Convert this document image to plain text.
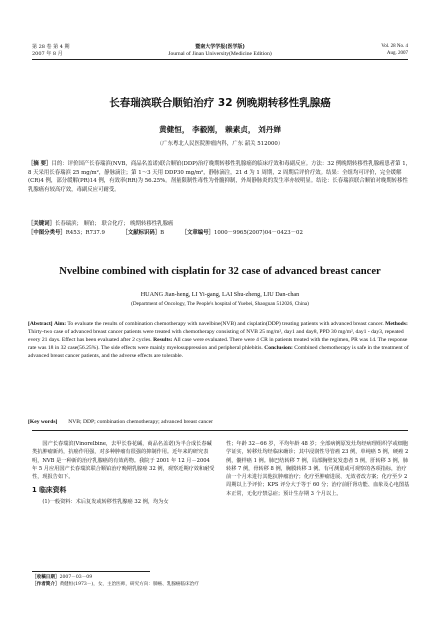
第 28 卷 第 4 期
2007 年 8 月
暨南大学学报(医学版)
Journal of Jinan University(Medicine Edition)
Vol. 28 No. 4
Aug. 2007
长春瑞滨联合顺铂治疗 32 例晚期转移性乳腺癌
黄健恒， 李毅刚， 赖素贞， 刘丹婵
（广东粤北人民医院肿瘤内科，广东 韶关 512000）
［摘 要］目的：评价国产长春瑞滨(NVB，商品名盖诺)联合顺铂(DDP)治疗晚期转移性乳腺癌的临床疗效和毒副反应。方法：32 例晚期转移性乳腺癌患者第 1，8 天采用长春瑞滨 25 mg/m²，静脉滴注；第 1～3 天用 DDP30 mg/m²，静脉滴注，21 d 为 1 周期，2 周期后评价疗效。结果：全组均可评价，完全缓解(CR)4 例，部分缓解(PR)14 例，有效率(RR)为 56.25%。剂量限制性毒性为骨髓抑制，外周静脉炎的发生率亦较明显。结论：长春瑞滨联合顺铂对晚期转移性乳腺癌有较高疗效，毒副反应可耐受。
［关键词］长春瑞滨； 顺铂； 联合化疗； 晚期转移性乳腺癌
［中图分类号］R453；R737.9	［文献标识码］B	［文章编号］1000－9965(2007)04－0423－02
Nvelbine combined with cisplatin for 32 case of advanced breast cancer
HUANG Jian-heng, LI Yi-gang, LAI Shu-zheng, LIU Dan-chan
(Department of Oncology, The People's hospital of Yuebei, Shaoguan 512026, China)
[Abstract] Aim: To evaluate the results of combination chemotherapy with navelbine(NVB) and cisplatin(DDP) treating patients with advanced breast cancer. Methods: Thirty-two case of advanced breast cancer patients were treated with chemotherapy consisting of NVB 25 mg/m², day1 and day8, PPD 30 mg/m², day1 - day3, repeated every 21 days. Effect has been evaluated after 2 cycles. Results: All case were evaluated. There were 4 CR in patients treated with the regimen, PR was 14. The response rate was 18 in 32 case(56.25%). The side effects were mainly myelosuppression and peripheral phlebitis. Conclusion: Combined chemotherapy is safe in the treatment of advanced breast cancer patients, and the adverse effects are tolerable.
[Key words] NVB; DDP; combination chemotherapy; advanced breast cancer
国产长春瑞滨(Vinorelbine，去甲长春花碱，商品名盖诺)为半合成长春碱类抗肿瘤新药，抗癌作用强，对多种肿瘤有很强的抑制作用。近年来的研究表明，NVB 是一种新的治疗乳腺癌的有效药物。我院于 2001 年 12 月－2004 年 5 月应用国产长春瑞滨联合顺铂治疗晚期乳腺癌 32 例，观察近期疗效和耐受性，现报告如下。
1 临床资料
(1)一般资料：术后复发或转移性乳腺癌 32 例，均为女
性；年龄 32－66 岁，平均年龄 48 岁；全部病例原发灶均经病理组织学或细胞学证实，转移灶均经临床确诊；其中浸润性导管癌 23 例，单纯癌 5 例，硬癌 2 例，髓样癌 1 例。肺巴结转移 7 例，局部胸壁复发患者 5 例，肝转移 3 例，肺转移 7 例，骨转移 8 例，胸膜转移 3 例。有可测量或可观察的各项指标，治疗前一个月未进行其他抗肿瘤治疗；化疗至肿瘤进展、无效者改方案；化疗至少 2 周期以上予评价；KPS 评分大于等于 60 分；治疗前肝肾功能、血象及心电图基本正常，无化疗禁忌症；预计生存期 3 个月以上。
［收稿日期］2007－03－09
［作者简介］黄健恒(1973－)，女，主治医师，研究方向：肺癌、乳腺癌临床治疗
